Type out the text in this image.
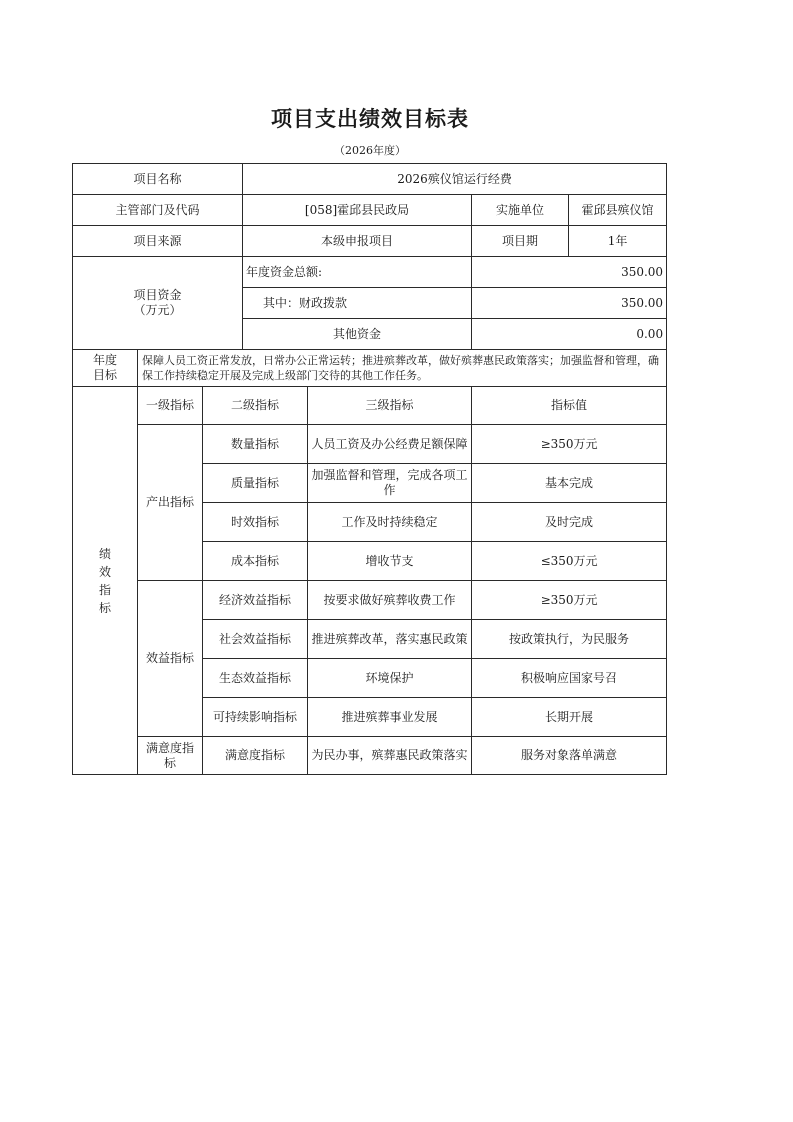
项目支出绩效目标表
（2026年度）
项目名称			2026殡仪馆运行经费			
主管部门及代码			[058]霍邱县民政局		实施单位	霍邱县殡仪馆
项目来源			本级申报项目		项目期	1年

项目资金
（万元）			年度资金总额:		350.00	
			其中：财政拨款		350.00	
			其他资金		0.00	

年度
目标	保障人员工资正常发放，日常办公正常运转；推进殡葬改革，做好殡葬惠民政策落实；加强监督和管理，确保工作持续稳定开展及完成上级部门交待的其他工作任务。					
绩效指标	一级指标	二级指标		三级指标	指标值	
	产出指标	数量指标		人员工资及办公经费足额保障	≥350万元	
		质量指标		加强监督和管理，完成各项工作	基本完成	
		时效指标		工作及时持续稳定	及时完成	
		成本指标		增收节支	≤350万元	
	效益指标	经济效益指标		按要求做好殡葬收费工作	≥350万元	
		社会效益指标		推进殡葬改革，落实惠民政策	按政策执行，为民服务	
		生态效益指标		环境保护	积极响应国家号召	
		可持续影响指标		推进殡葬事业发展	长期开展	
	满意度指标	满意度指标		为民办事，殡葬惠民政策落实	服务对象落单满意	
